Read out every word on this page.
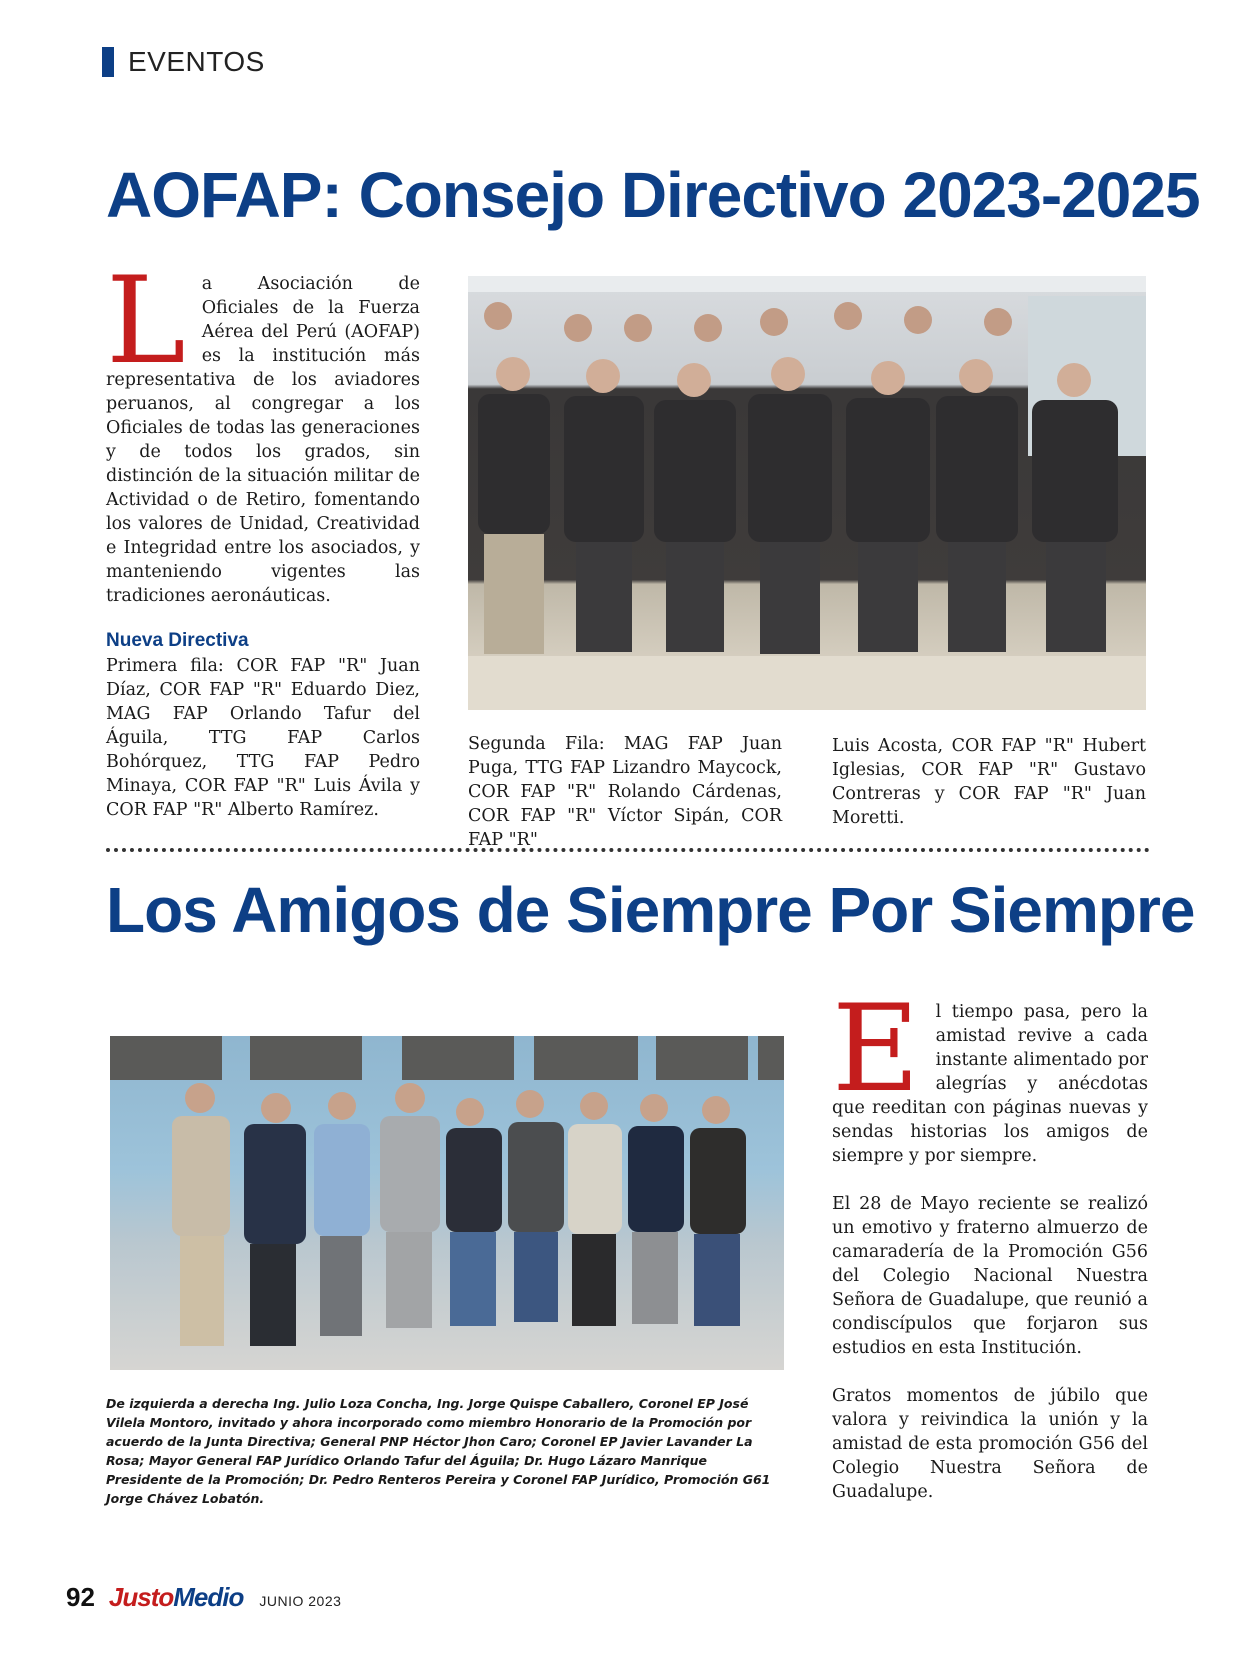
EVENTOS
AOFAP: Consejo Directivo 2023-2025

La Asociación de Oficiales de la Fuerza Aérea del Perú (AOFAP) es la institución más representativa de los aviadores peruanos, al congregar a los Oficiales de todas las generaciones y de todos los grados, sin distinción de la situación militar de Actividad o de Retiro, fomentando los valores de Unidad, Creatividad e Integridad entre los asociados, y manteniendo vigentes las tradiciones aeronáuticas.

Nueva Directiva

Primera fila: COR FAP "R" Juan Díaz, COR FAP "R" Eduardo Diez, MAG FAP Orlando Tafur del Águila, TTG FAP Carlos Bohórquez, TTG FAP Pedro Minaya, COR FAP "R" Luis Ávila y COR FAP "R" Alberto Ramírez.

Segunda Fila: MAG FAP Juan Puga, TTG FAP Lizandro Maycock, COR FAP "R" Rolando Cárdenas, COR FAP "R" Víctor Sipán, COR FAP "R"

Luis Acosta, COR FAP "R" Hubert Iglesias, COR FAP "R" Gustavo Contreras y COR FAP "R" Juan Moretti.

Los Amigos de Siempre Por Siempre

De izquierda a derecha Ing. Julio Loza Concha, Ing. Jorge Quispe Caballero, Coronel EP José Vilela Montoro, invitado y ahora incorporado como miembro Honorario de la Promoción por acuerdo de la Junta Directiva; General PNP Héctor Jhon Caro; Coronel EP Javier Lavander La Rosa; Mayor General FAP Jurídico Orlando Tafur del Águila; Dr. Hugo Lázaro Manrique Presidente de la Promoción; Dr. Pedro Renteros Pereira y Coronel FAP Jurídico, Promoción G61 Jorge Chávez Lobatón.

El tiempo pasa, pero la amistad revive a cada instante alimentado por alegrías y anécdotas que reeditan con páginas nuevas y sendas historias los amigos de siempre y por siempre.

El 28 de Mayo reciente se realizó un emotivo y fraterno almuerzo de camaradería de la Promoción G56 del Colegio Nacional Nuestra Señora de Guadalupe, que reunió a condiscípulos que forjaron sus estudios en esta Institución.

Gratos momentos de júbilo que valora y reivindica la unión y la amistad de esta promoción G56 del Colegio Nuestra Señora de Guadalupe.

92 Justo Medio JUNIO 2023
